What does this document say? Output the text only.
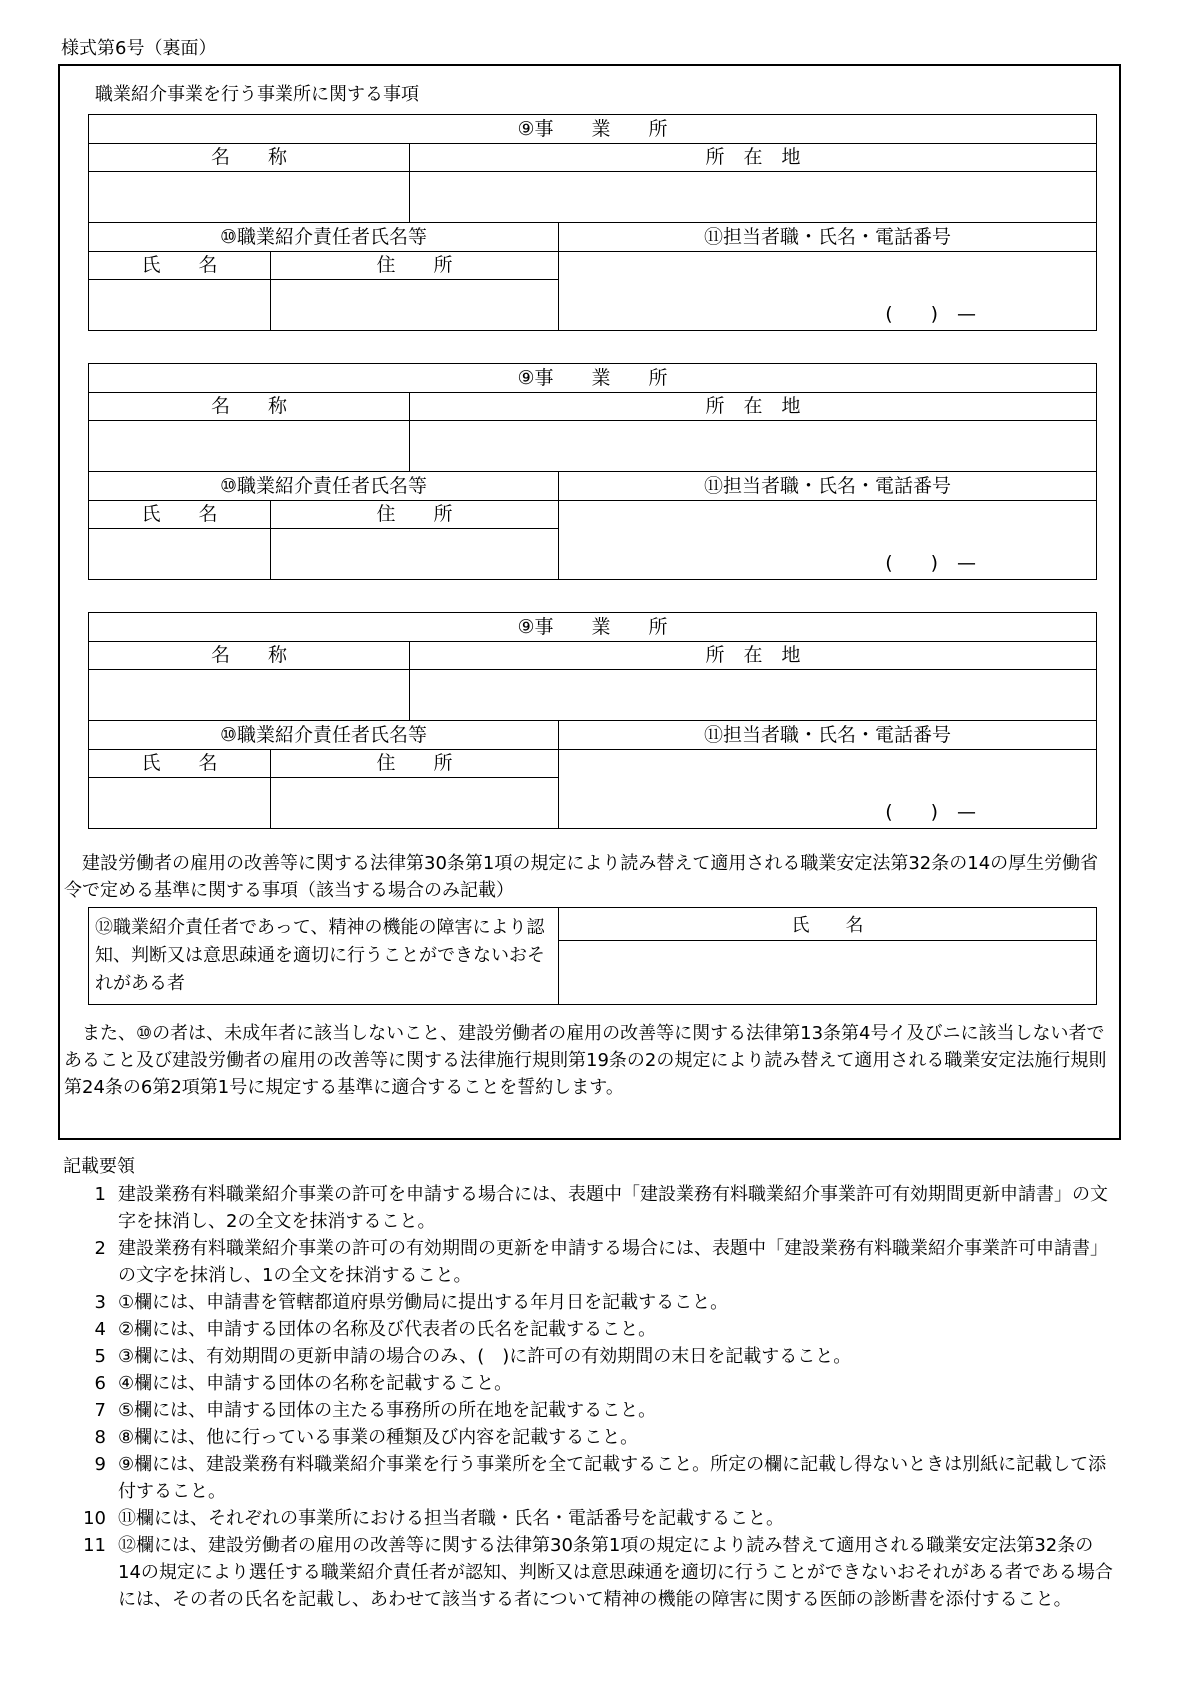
様式第6号（裏面）
職業紹介事業を行う事業所に関する事項
⑨事　　業　　所			
名　　称		所　在　地	

⑩職業紹介責任者氏名等			⑪担当者職・氏名・電話番号
氏　　名	住　　所		(　　)　—

⑨事　　業　　所			
名　　称		所　在　地	

⑩職業紹介責任者氏名等			⑪担当者職・氏名・電話番号
氏　　名	住　　所		(　　)　—

⑨事　　業　　所			
名　　称		所　在　地	

⑩職業紹介責任者氏名等			⑪担当者職・氏名・電話番号
氏　　名	住　　所		(　　)　—

建設労働者の雇用の改善等に関する法律第30条第1項の規定により読み替えて適用される職業安定法第32条の14の厚生労働省令で定める基準に関する事項（該当する場合のみ記載）
⑫職業紹介責任者であって、精神の機能の障害により認知、判断又は意思疎通を適切に行うことができないおそれがある者	氏　　名

また、⑩の者は、未成年者に該当しないこと、建設労働者の雇用の改善等に関する法律第13条第4号イ及びニに該当しない者であること及び建設労働者の雇用の改善等に関する法律施行規則第19条の2の規定により読み替えて適用される職業安定法施行規則第24条の6第2項第1号に規定する基準に適合することを誓約します。
記載要領
1 建設業務有料職業紹介事業の許可を申請する場合には、表題中「建設業務有料職業紹介事業許可有効期間更新申請書」の文字を抹消し、2の全文を抹消すること。
2 建設業務有料職業紹介事業の許可の有効期間の更新を申請する場合には、表題中「建設業務有料職業紹介事業許可申請書」の文字を抹消し、1の全文を抹消すること。
3 ①欄には、申請書を管轄都道府県労働局に提出する年月日を記載すること。
4 ②欄には、申請する団体の名称及び代表者の氏名を記載すること。
5 ③欄には、有効期間の更新申請の場合のみ、(　)に許可の有効期間の末日を記載すること。
6 ④欄には、申請する団体の名称を記載すること。
7 ⑤欄には、申請する団体の主たる事務所の所在地を記載すること。
8 ⑧欄には、他に行っている事業の種類及び内容を記載すること。
9 ⑨欄には、建設業務有料職業紹介事業を行う事業所を全て記載すること。所定の欄に記載し得ないときは別紙に記載して添付すること。
10 ⑪欄には、それぞれの事業所における担当者職・氏名・電話番号を記載すること。
11 ⑫欄には、建設労働者の雇用の改善等に関する法律第30条第1項の規定により読み替えて適用される職業安定法第32条の14の規定により選任する職業紹介責任者が認知、判断又は意思疎通を適切に行うことができないおそれがある者である場合には、その者の氏名を記載し、あわせて該当する者について精神の機能の障害に関する医師の診断書を添付すること。
